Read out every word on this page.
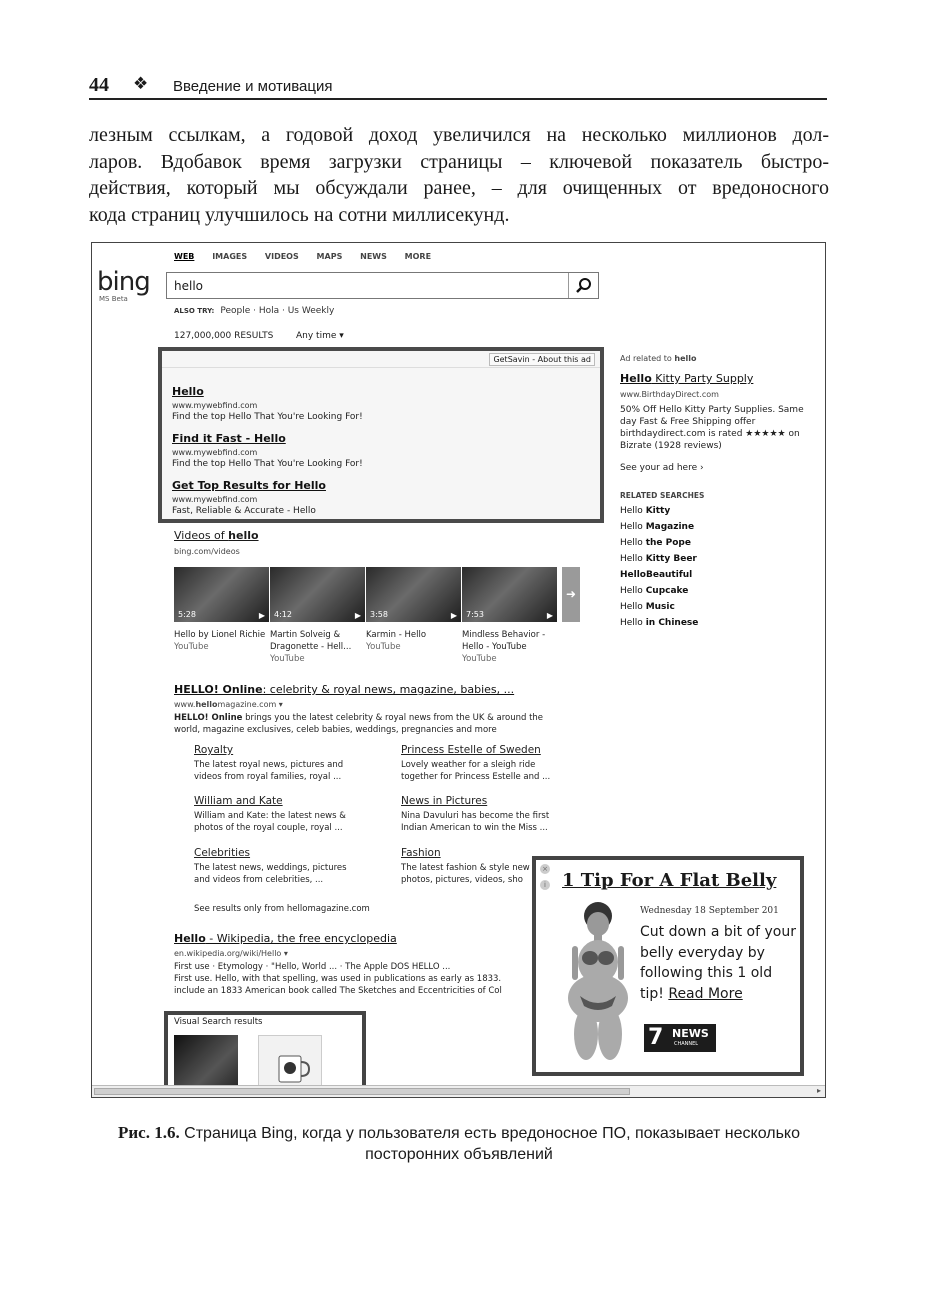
44 ❖ Введение и мотивация
лезным ссылкам, а годовой доход увеличился на несколько миллионов дол-
ларов. Вдобавок время загрузки страницы – ключевой показатель быстро-
действия, который мы обсуждали ранее, – для очищенных от вредоносного
кода страниц улучшилось на сотни миллисекунд.
WEB IMAGES VIDEOS MAPS NEWS MORE
bing
MS Beta
hello
ALSO TRY: People · Hola · Us Weekly
127,000,000 RESULTS	Any time ▾
GetSavin - About this ad
Hello
www.mywebfind.com
Find the top Hello That You're Looking For!
Find it Fast - Hello
www.mywebfind.com
Find the top Hello That You're Looking For!
Get Top Results for Hello
www.mywebfind.com
Fast, Reliable & Accurate - Hello
Ad related to hello
Hello Kitty Party Supply
www.BirthdayDirect.com
50% Off Hello Kitty Party Supplies. Same
day Fast & Free Shipping offer
birthdaydirect.com is rated ★★★★★ on
Bizrate (1928 reviews)
See your ad here ›
RELATED SEARCHES
Hello Kitty
Hello Magazine
Hello the Pope
Hello Kitty Beer
HelloBeautiful
Hello Cupcake
Hello Music
Hello in Chinese
Videos of hello
bing.com/videos
5:28	▶ 4:12	▶ 3:58	▶ 7:53	▶
➜
Hello by Lionel Richie
YouTube
Martin Solveig & Dragonette - Hell...
YouTube
Karmin - Hello
YouTube
Mindless Behavior - Hello - YouTube
YouTube
HELLO! Online: celebrity & royal news, magazine, babies, ...
www.hellomagazine.com ▾
HELLO! Online brings you the latest celebrity & royal news from the UK & around the
world, magazine exclusives, celeb babies, weddings, pregnancies and more
Royalty
The latest royal news, pictures and
videos from royal families, royal ...
Princess Estelle of Sweden
Lovely weather for a sleigh ride
together for Princess Estelle and ...
William and Kate
William and Kate: the latest news &
photos of the royal couple, royal ...
News in Pictures
Nina Davuluri has become the first
Indian American to win the Miss ...
Celebrities
The latest news, weddings, pictures
and videos from celebrities, ...
Fashion
The latest fashion & style new
photos, pictures, videos, sho
See results only from hellomagazine.com
Hello - Wikipedia, the free encyclopedia
en.wikipedia.org/wiki/Hello ▾
First use · Etymology · "Hello, World ... · The Apple DOS HELLO ...
First use. Hello, with that spelling, was used in publications as early as 1833.
include an 1833 American book called The Sketches and Eccentricities of Col
Visual Search results
×
i 1 Tip For A Flat Belly
Wednesday 18 September 201
Cut down a bit of your belly everyday by following this 1 old tip! Read More
7 NEWS
CHANNEL
▸
Рис. 1.6. Страница Bing, когда у пользователя есть вредоносное ПО, показывает несколько посторонних объявлений
